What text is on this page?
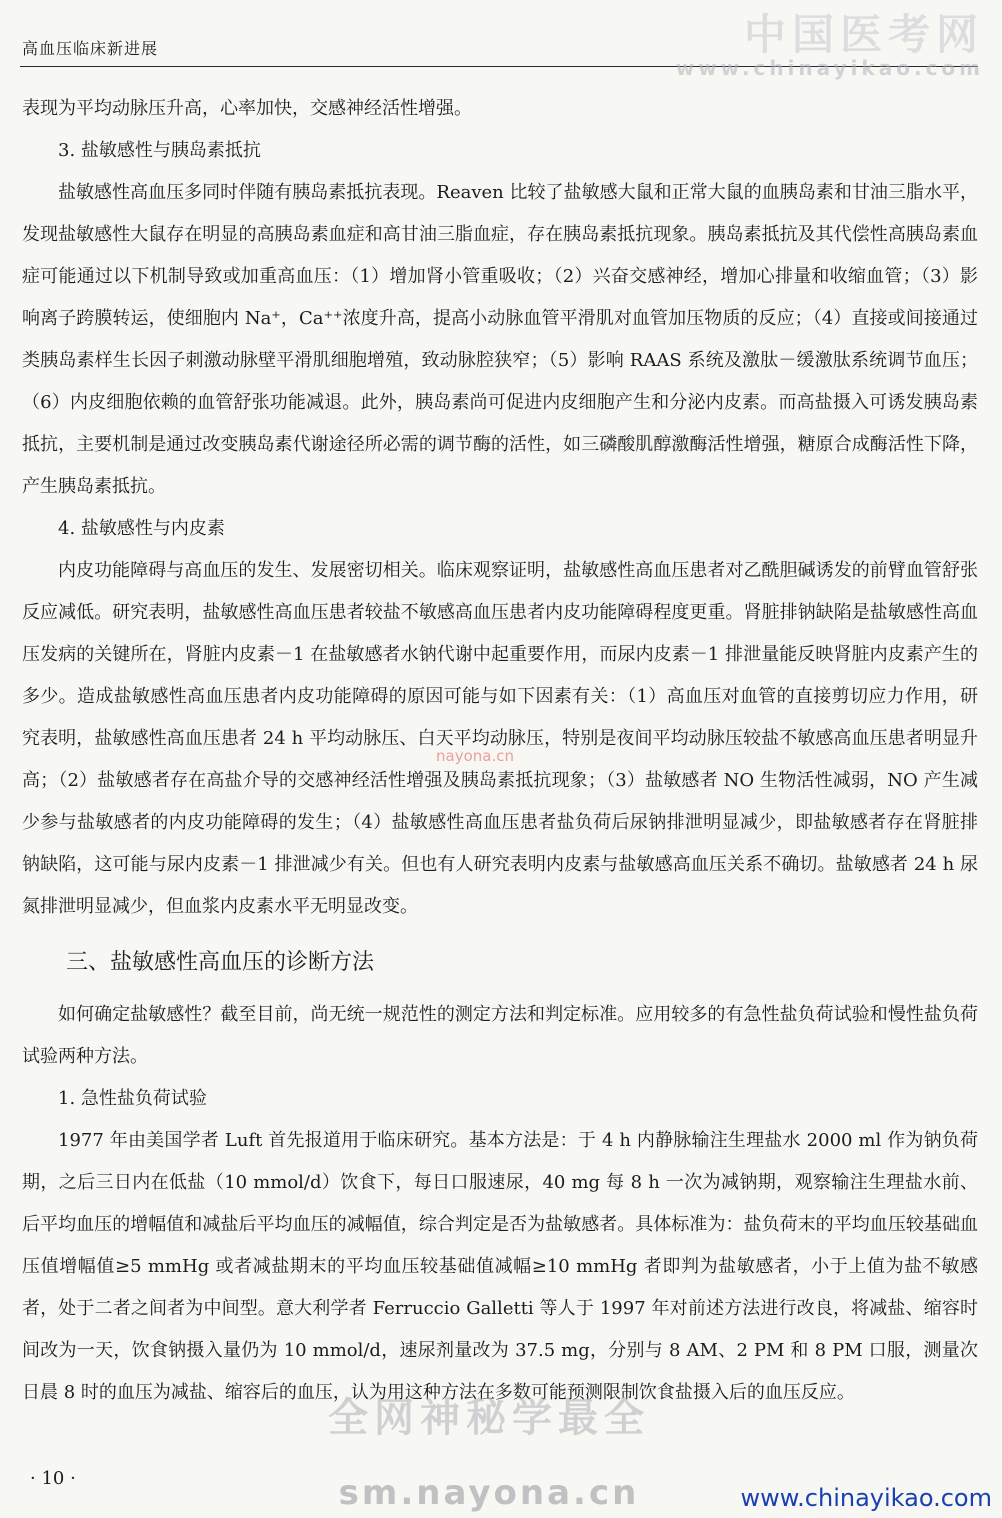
高血压临床新进展	中国医考网
www.chinayikao.com

表现为平均动脉压升高，心率加快，交感神经活性增强。

3. 盐敏感性与胰岛素抵抗

盐敏感性高血压多同时伴随有胰岛素抵抗表现。Reaven 比较了盐敏感大鼠和正常大鼠的血胰岛素和甘油三脂水平，发现盐敏感性大鼠存在明显的高胰岛素血症和高甘油三脂血症，存在胰岛素抵抗现象。胰岛素抵抗及其代偿性高胰岛素血症可能通过以下机制导致或加重高血压：（1）增加肾小管重吸收；（2）兴奋交感神经，增加心排量和收缩血管；（3）影响离子跨膜转运，使细胞内 Na⁺，Ca⁺⁺浓度升高，提高小动脉血管平滑肌对血管加压物质的反应；（4）直接或间接通过类胰岛素样生长因子刺激动脉壁平滑肌细胞增殖，致动脉腔狭窄；（5）影响 RAAS 系统及激肽－缓激肽系统调节血压；（6）内皮细胞依赖的血管舒张功能减退。此外，胰岛素尚可促进内皮细胞产生和分泌内皮素。而高盐摄入可诱发胰岛素抵抗，主要机制是通过改变胰岛素代谢途径所必需的调节酶的活性，如三磷酸肌醇激酶活性增强，糖原合成酶活性下降，产生胰岛素抵抗。

4. 盐敏感性与内皮素

内皮功能障碍与高血压的发生、发展密切相关。临床观察证明，盐敏感性高血压患者对乙酰胆碱诱发的前臂血管舒张反应减低。研究表明，盐敏感性高血压患者较盐不敏感高血压患者内皮功能障碍程度更重。肾脏排钠缺陷是盐敏感性高血压发病的关键所在，肾脏内皮素－1 在盐敏感者水钠代谢中起重要作用，而尿内皮素－1 排泄量能反映肾脏内皮素产生的多少。造成盐敏感性高血压患者内皮功能障碍的原因可能与如下因素有关：（1）高血压对血管的直接剪切应力作用，研究表明，盐敏感性高血压患者 24 h 平均动脉压、白天平均动脉压，特别是夜间平均动脉压较盐不敏感高血压患者明显升高；（2）盐敏感者存在高盐介导的交感神经活性增强及胰岛素抵抗现象；（3）盐敏感者 NO 生物活性减弱，NO 产生减少参与盐敏感者的内皮功能障碍的发生；（4）盐敏感性高血压患者盐负荷后尿钠排泄明显减少，即盐敏感者存在肾脏排钠缺陷，这可能与尿内皮素－1 排泄减少有关。但也有人研究表明内皮素与盐敏感高血压关系不确切。盐敏感者 24 h 尿氮排泄明显减少，但血浆内皮素水平无明显改变。

三、盐敏感性高血压的诊断方法

如何确定盐敏感性？截至目前，尚无统一规范性的测定方法和判定标准。应用较多的有急性盐负荷试验和慢性盐负荷试验两种方法。

1. 急性盐负荷试验

1977 年由美国学者 Luft 首先报道用于临床研究。基本方法是：于 4 h 内静脉输注生理盐水 2000 ml 作为钠负荷期，之后三日内在低盐（10 mmol/d）饮食下，每日口服速尿，40 mg 每 8 h 一次为减钠期，观察输注生理盐水前、后平均血压的增幅值和减盐后平均血压的减幅值，综合判定是否为盐敏感者。具体标准为：盐负荷末的平均血压较基础血压值增幅值≥5 mmHg 或者减盐期末的平均血压较基础值减幅≥10 mmHg 者即判为盐敏感者，小于上值为盐不敏感者，处于二者之间者为中间型。意大利学者 Ferruccio Galletti 等人于 1997 年对前述方法进行改良，将减盐、缩容时间改为一天，饮食钠摄入量仍为 10 mmol/d，速尿剂量改为 37.5 mg，分别与 8 AM、2 PM 和 8 PM 口服，测量次日晨 8 时的血压为减盐、缩容后的血压，认为用这种方法在多数可能预测限制饮食盐摄入后的血压反应。

nayona.cn
全网神秘学最全
sm.nayona.cn
· 10 ·
www.chinayikao.com
